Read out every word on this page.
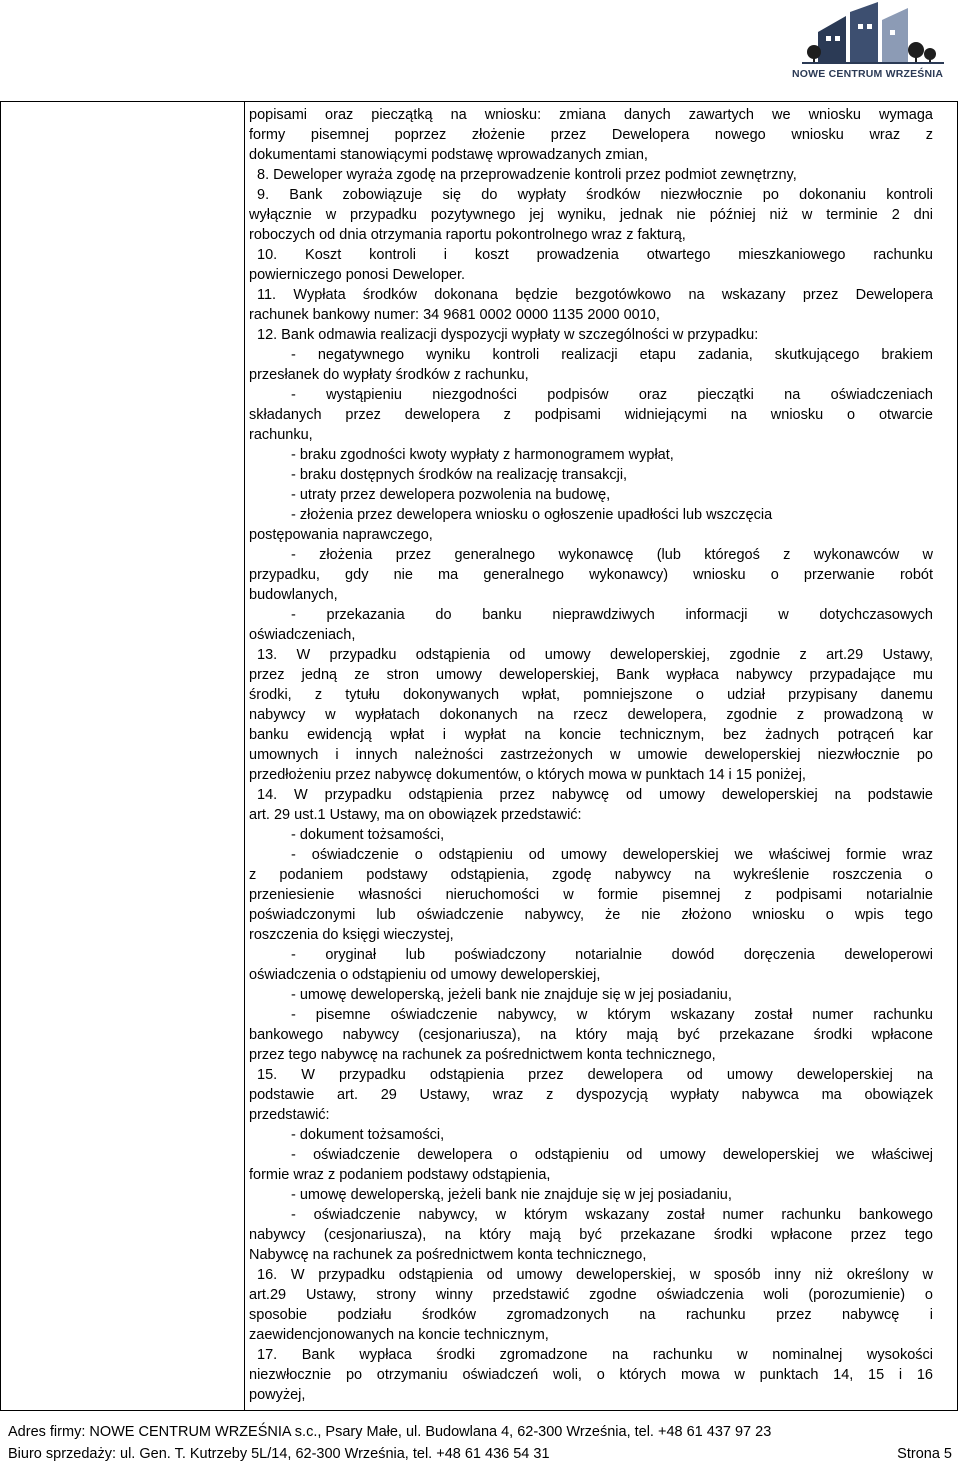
NOWE CENTRUM WRZEŚNIA
popisami oraz pieczątką na wniosku: zmiana danych zawartych we wniosku wymaga
formy pisemnej poprzez złożenie przez Dewelopera nowego wniosku wraz z
dokumentami stanowiącymi podstawę wprowadzanych zmian,
8. Deweloper wyraża zgodę na przeprowadzenie kontroli przez podmiot zewnętrzny,
9. Bank zobowiązuje się do wypłaty środków niezwłocznie po dokonaniu kontroli
wyłącznie w przypadku pozytywnego jej wyniku, jednak nie później niż w terminie 2 dni
roboczych od dnia otrzymania raportu pokontrolnego wraz z fakturą,
10. Koszt kontroli i koszt prowadzenia otwartego mieszkaniowego rachunku
powierniczego ponosi Deweloper.
11. Wypłata środków dokonana będzie bezgotówkowo na wskazany przez Dewelopera
rachunek bankowy numer: 34 9681 0002 0000 1135 2000 0010,
12. Bank odmawia realizacji dyspozycji wypłaty w szczególności w przypadku:
- negatywnego wyniku kontroli realizacji etapu zadania, skutkującego brakiem
przesłanek do wypłaty środków z rachunku,
- wystąpieniu niezgodności podpisów oraz pieczątki na oświadczeniach
składanych przez dewelopera z podpisami widniejącymi na wniosku o otwarcie
rachunku,
- braku zgodności kwoty wypłaty z harmonogramem wypłat,
- braku dostępnych środków na realizację transakcji,
- utraty przez dewelopera pozwolenia na budowę,
- złożenia przez dewelopera wniosku o ogłoszenie upadłości lub wszczęcia
postępowania naprawczego,
- złożenia przez generalnego wykonawcę (lub któregoś z wykonawców w
przypadku, gdy nie ma generalnego wykonawcy) wniosku o przerwanie robót
budowlanych,
- przekazania do banku nieprawdziwych informacji w dotychczasowych
oświadczeniach,
13. W przypadku odstąpienia od umowy deweloperskiej, zgodnie z art.29 Ustawy,
przez jedną ze stron umowy deweloperskiej, Bank wypłaca nabywcy przypadające mu
środki, z tytułu dokonywanych wpłat, pomniejszone o udział przypisany danemu
nabywcy w wypłatach dokonanych na rzecz dewelopera, zgodnie z prowadzoną w
banku ewidencją wpłat i wypłat na koncie technicznym, bez żadnych potrąceń kar
umownych i innych należności zastrzeżonych w umowie deweloperskiej niezwłocznie po
przedłożeniu przez nabywcę dokumentów, o których mowa w punktach 14 i 15 poniżej,
14. W przypadku odstąpienia przez nabywcę od umowy deweloperskiej na podstawie
art. 29 ust.1 Ustawy, ma on obowiązek przedstawić:
- dokument tożsamości,
- oświadczenie o odstąpieniu od umowy deweloperskiej we właściwej formie wraz
z podaniem podstawy odstąpienia, zgodę nabywcy na wykreślenie roszczenia o
przeniesienie własności nieruchomości w formie pisemnej z podpisami notarialnie
poświadczonymi lub oświadczenie nabywcy, że nie złożono wniosku o wpis tego
roszczenia do księgi wieczystej,
- oryginał lub poświadczony notarialnie dowód doręczenia deweloperowi
oświadczenia o odstąpieniu od umowy deweloperskiej,
- umowę deweloperską, jeżeli bank nie znajduje się w jej posiadaniu,
- pisemne oświadczenie nabywcy, w którym wskazany został numer rachunku
bankowego nabywcy (cesjonariusza), na który mają być przekazane środki wpłacone
przez tego nabywcę na rachunek za pośrednictwem konta technicznego,
15. W przypadku odstąpienia przez dewelopera od umowy deweloperskiej na
podstawie art. 29 Ustawy, wraz z dyspozycją wypłaty nabywca ma obowiązek
przedstawić:
- dokument tożsamości,
- oświadczenie dewelopera o odstąpieniu od umowy deweloperskiej we właściwej
formie wraz z podaniem podstawy odstąpienia,
- umowę deweloperską, jeżeli bank nie znajduje się w jej posiadaniu,
- oświadczenie nabywcy, w którym wskazany został numer rachunku bankowego
nabywcy (cesjonariusza), na który mają być przekazane środki wpłacone przez tego
Nabywcę na rachunek za pośrednictwem konta technicznego,
16. W przypadku odstąpienia od umowy deweloperskiej, w sposób inny niż określony w
art.29 Ustawy, strony winny przedstawić zgodne oświadczenia woli (porozumienie) o
sposobie podziału środków zgromadzonych na rachunku przez nabywcę i
zaewidencjonowanych na koncie technicznym,
17. Bank wypłaca środki zgromadzone na rachunku w nominalnej wysokości
niezwłocznie po otrzymaniu oświadczeń woli, o których mowa w punktach 14, 15 i 16
powyżej,
Adres firmy: NOWE CENTRUM WRZEŚNIA s.c., Psary Małe, ul. Budowlana 4, 62-300 Września, tel. +48 61 437 97 23
Biuro sprzedaży: ul. Gen. T. Kutrzeby 5L/14, 62-300 Września, tel. +48 61 436 54 31	Strona 5
